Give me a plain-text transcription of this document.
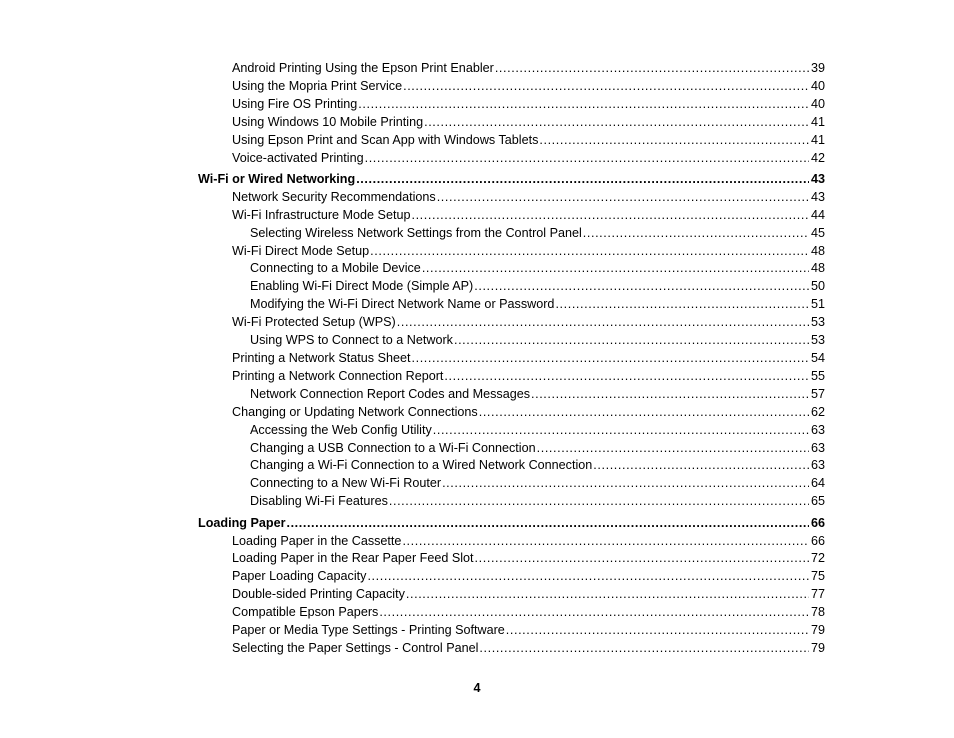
Android Printing Using the Epson Print Enabler .....	39
Using the Mopria Print Service .....	40
Using Fire OS Printing .....	40
Using Windows 10 Mobile Printing .....	41
Using Epson Print and Scan App with Windows Tablets .....	41
Voice-activated Printing .....	42
Wi-Fi or Wired Networking .....	43
Network Security Recommendations .....	43
Wi-Fi Infrastructure Mode Setup .....	44
Selecting Wireless Network Settings from the Control Panel .....	45
Wi-Fi Direct Mode Setup .....	48
Connecting to a Mobile Device .....	48
Enabling Wi-Fi Direct Mode (Simple AP) .....	50
Modifying the Wi-Fi Direct Network Name or Password .....	51
Wi-Fi Protected Setup (WPS) .....	53
Using WPS to Connect to a Network .....	53
Printing a Network Status Sheet .....	54
Printing a Network Connection Report .....	55
Network Connection Report Codes and Messages .....	57
Changing or Updating Network Connections .....	62
Accessing the Web Config Utility .....	63
Changing a USB Connection to a Wi-Fi Connection .....	63
Changing a Wi-Fi Connection to a Wired Network Connection .....	63
Connecting to a New Wi-Fi Router .....	64
Disabling Wi-Fi Features .....	65
Loading Paper .....	66
Loading Paper in the Cassette .....	66
Loading Paper in the Rear Paper Feed Slot .....	72
Paper Loading Capacity .....	75
Double-sided Printing Capacity .....	77
Compatible Epson Papers .....	78
Paper or Media Type Settings - Printing Software .....	79
Selecting the Paper Settings - Control Panel .....	79
4
